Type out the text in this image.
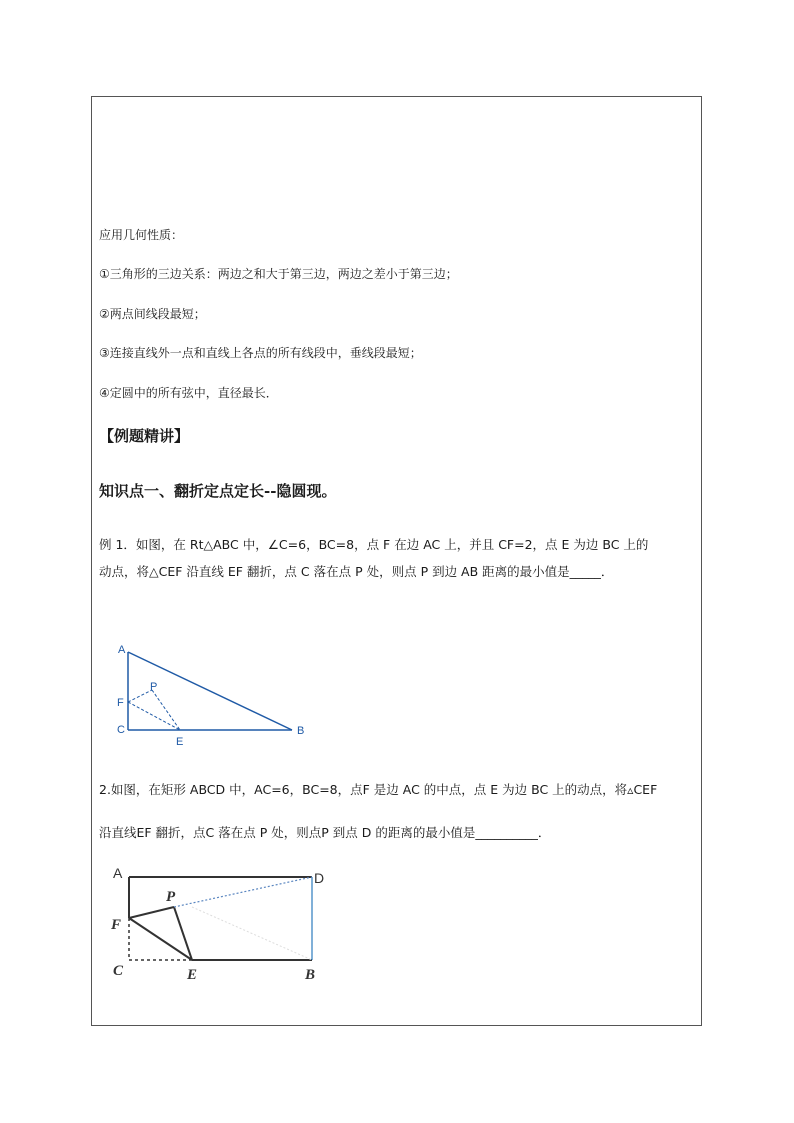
应用几何性质：
①三角形的三边关系：两边之和大于第三边，两边之差小于第三边；
②两点间线段最短；
③连接直线外一点和直线上各点的所有线段中，垂线段最短；
④定圆中的所有弦中，直径最长．
【例题精讲】
知识点一、翻折定点定长--隐圆现。
例 1．如图，在 Rt△ABC 中，∠C=6，BC=8，点 F 在边 AC 上，并且 CF=2，点 E 为边 BC 上的
动点，将△CEF 沿直线 EF 翻折，点 C 落在点 P 处，则点 P 到边 AB 距离的最小值是_____．
A
F
P
C
E
B
2.如图，在矩形 ABCD 中，AC=6，BC=8，点F 是边 AC 的中点，点 E 为边 BC 上的动点，将▵CEF
沿直线EF 翻折，点C 落在点 P 处，则点P 到点 D 的距离的最小值是__________．
A	D
P
F
C	E	B
